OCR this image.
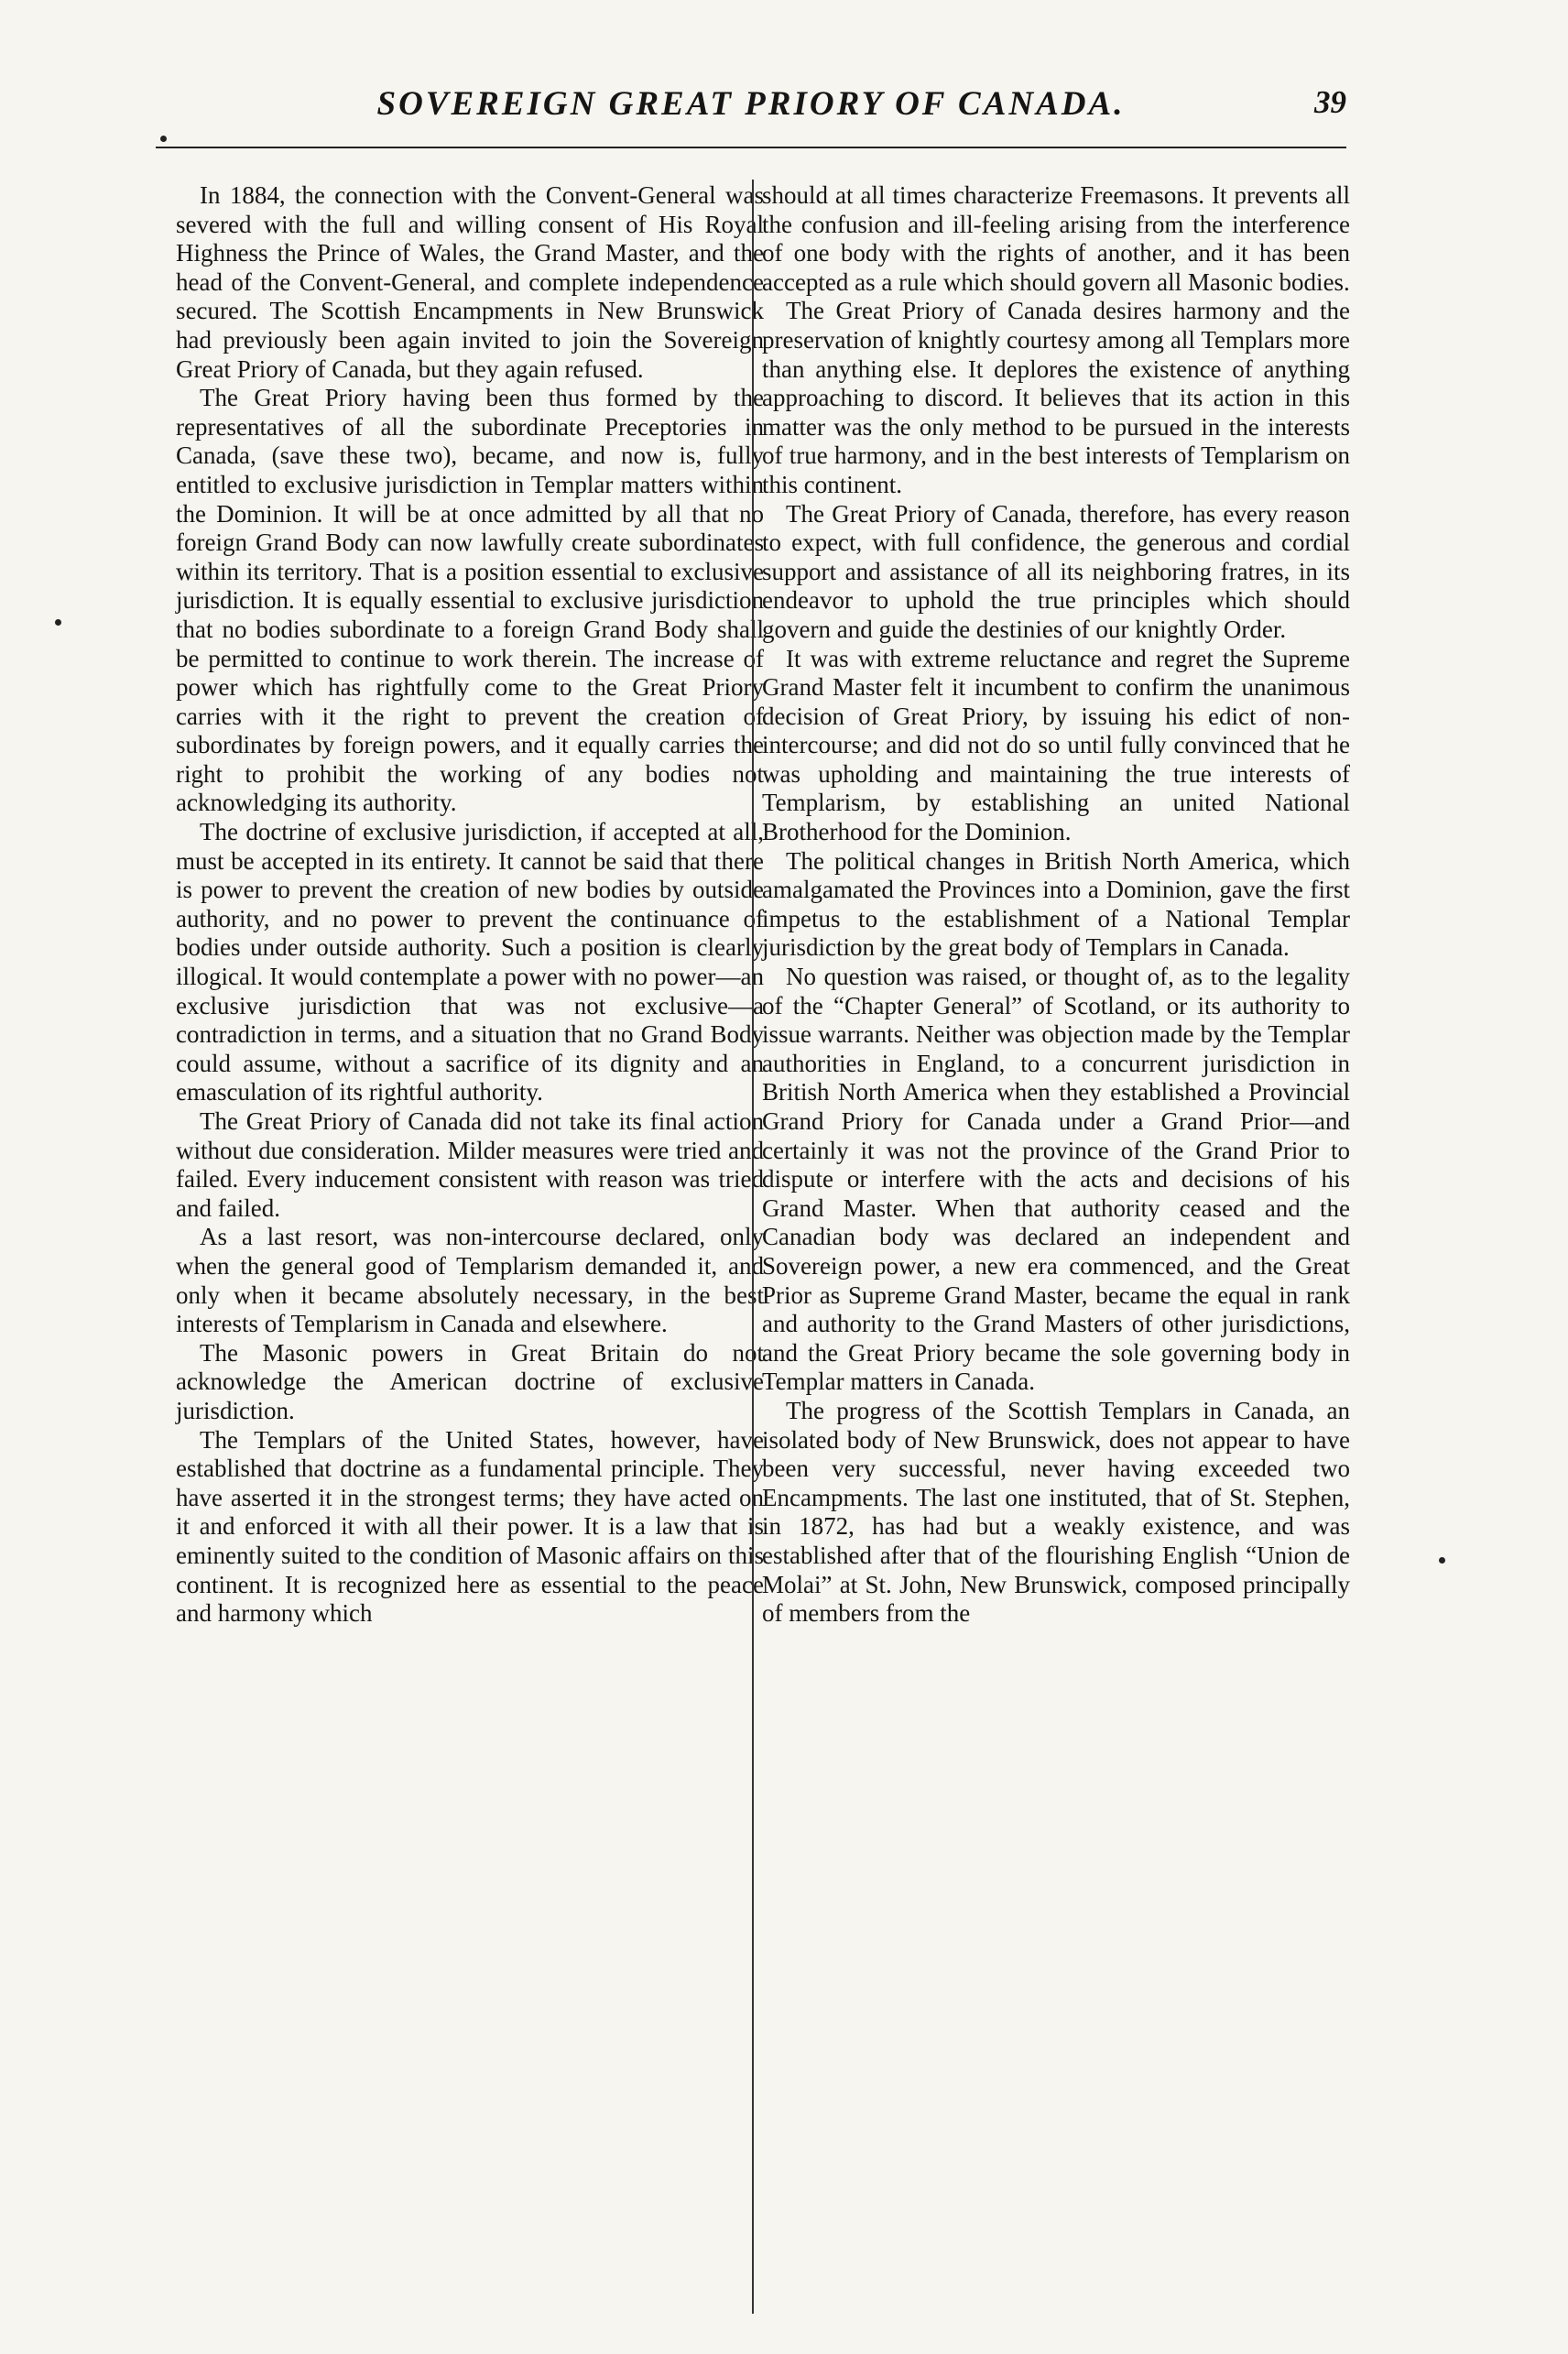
SOVEREIGN GREAT PRIORY OF CANADA.	39

In 1884, the connection with the Convent-General was severed with the full and willing consent of His Royal Highness the Prince of Wales, the Grand Master, and the head of the Convent-General, and complete independence secured. The Scottish Encampments in New Brunswick had previously been again invited to join the Sovereign Great Priory of Canada, but they again refused.

The Great Priory having been thus formed by the representatives of all the subordinate Preceptories in Canada, (save these two), became, and now is, fully entitled to exclusive jurisdiction in Templar matters within the Dominion. It will be at once admitted by all that no foreign Grand Body can now lawfully create subordinates within its territory. That is a position essential to exclusive jurisdiction. It is equally essential to exclusive jurisdiction that no bodies subordinate to a foreign Grand Body shall be permitted to continue to work therein. The increase of power which has rightfully come to the Great Priory carries with it the right to prevent the creation of subordinates by foreign powers, and it equally carries the right to prohibit the working of any bodies not acknowledging its authority.

The doctrine of exclusive jurisdiction, if accepted at all, must be accepted in its entirety. It cannot be said that there is power to prevent the creation of new bodies by outside authority, and no power to prevent the continuance of bodies under outside authority. Such a position is clearly illogical. It would contemplate a power with no power—an exclusive jurisdiction that was not exclusive—a contradiction in terms, and a situation that no Grand Body could assume, without a sacrifice of its dignity and an emasculation of its rightful authority.

The Great Priory of Canada did not take its final action without due consideration. Milder measures were tried and failed. Every inducement consistent with reason was tried and failed.

As a last resort, was non-intercourse declared, only when the general good of Templarism demanded it, and only when it became absolutely necessary, in the best interests of Templarism in Canada and elsewhere.

The Masonic powers in Great Britain do not acknowledge the American doctrine of exclusive jurisdiction.

The Templars of the United States, however, have established that doctrine as a fundamental principle. They have asserted it in the strongest terms; they have acted on it and enforced it with all their power. It is a law that is eminently suited to the condition of Masonic affairs on this continent. It is recognized here as essential to the peace and harmony which

should at all times characterize Freemasons. It prevents all the confusion and ill-feeling arising from the interference of one body with the rights of another, and it has been accepted as a rule which should govern all Masonic bodies.

The Great Priory of Canada desires harmony and the preservation of knightly courtesy among all Templars more than anything else. It deplores the existence of anything approaching to discord. It believes that its action in this matter was the only method to be pursued in the interests of true harmony, and in the best interests of Templarism on this continent.

The Great Priory of Canada, therefore, has every reason to expect, with full confidence, the generous and cordial support and assistance of all its neighboring fratres, in its endeavor to uphold the true principles which should govern and guide the destinies of our knightly Order.

It was with extreme reluctance and regret the Supreme Grand Master felt it incumbent to confirm the unanimous decision of Great Priory, by issuing his edict of non-intercourse; and did not do so until fully convinced that he was upholding and maintaining the true interests of Templarism, by establishing an united National Brotherhood for the Dominion.

The political changes in British North America, which amalgamated the Provinces into a Dominion, gave the first impetus to the establishment of a National Templar jurisdiction by the great body of Templars in Canada.

No question was raised, or thought of, as to the legality of the “Chapter General” of Scotland, or its authority to issue warrants. Neither was objection made by the Templar authorities in England, to a concurrent jurisdiction in British North America when they established a Provincial Grand Priory for Canada under a Grand Prior—and certainly it was not the province of the Grand Prior to dispute or interfere with the acts and decisions of his Grand Master. When that authority ceased and the Canadian body was declared an independent and Sovereign power, a new era commenced, and the Great Prior as Supreme Grand Master, became the equal in rank and authority to the Grand Masters of other jurisdictions, and the Great Priory became the sole governing body in Templar matters in Canada.

The progress of the Scottish Templars in Canada, an isolated body of New Brunswick, does not appear to have been very successful, never having exceeded two Encampments. The last one instituted, that of St. Stephen, in 1872, has had but a weakly existence, and was established after that of the flourishing English “Union de Molai” at St. John, New Brunswick, composed principally of members from the
